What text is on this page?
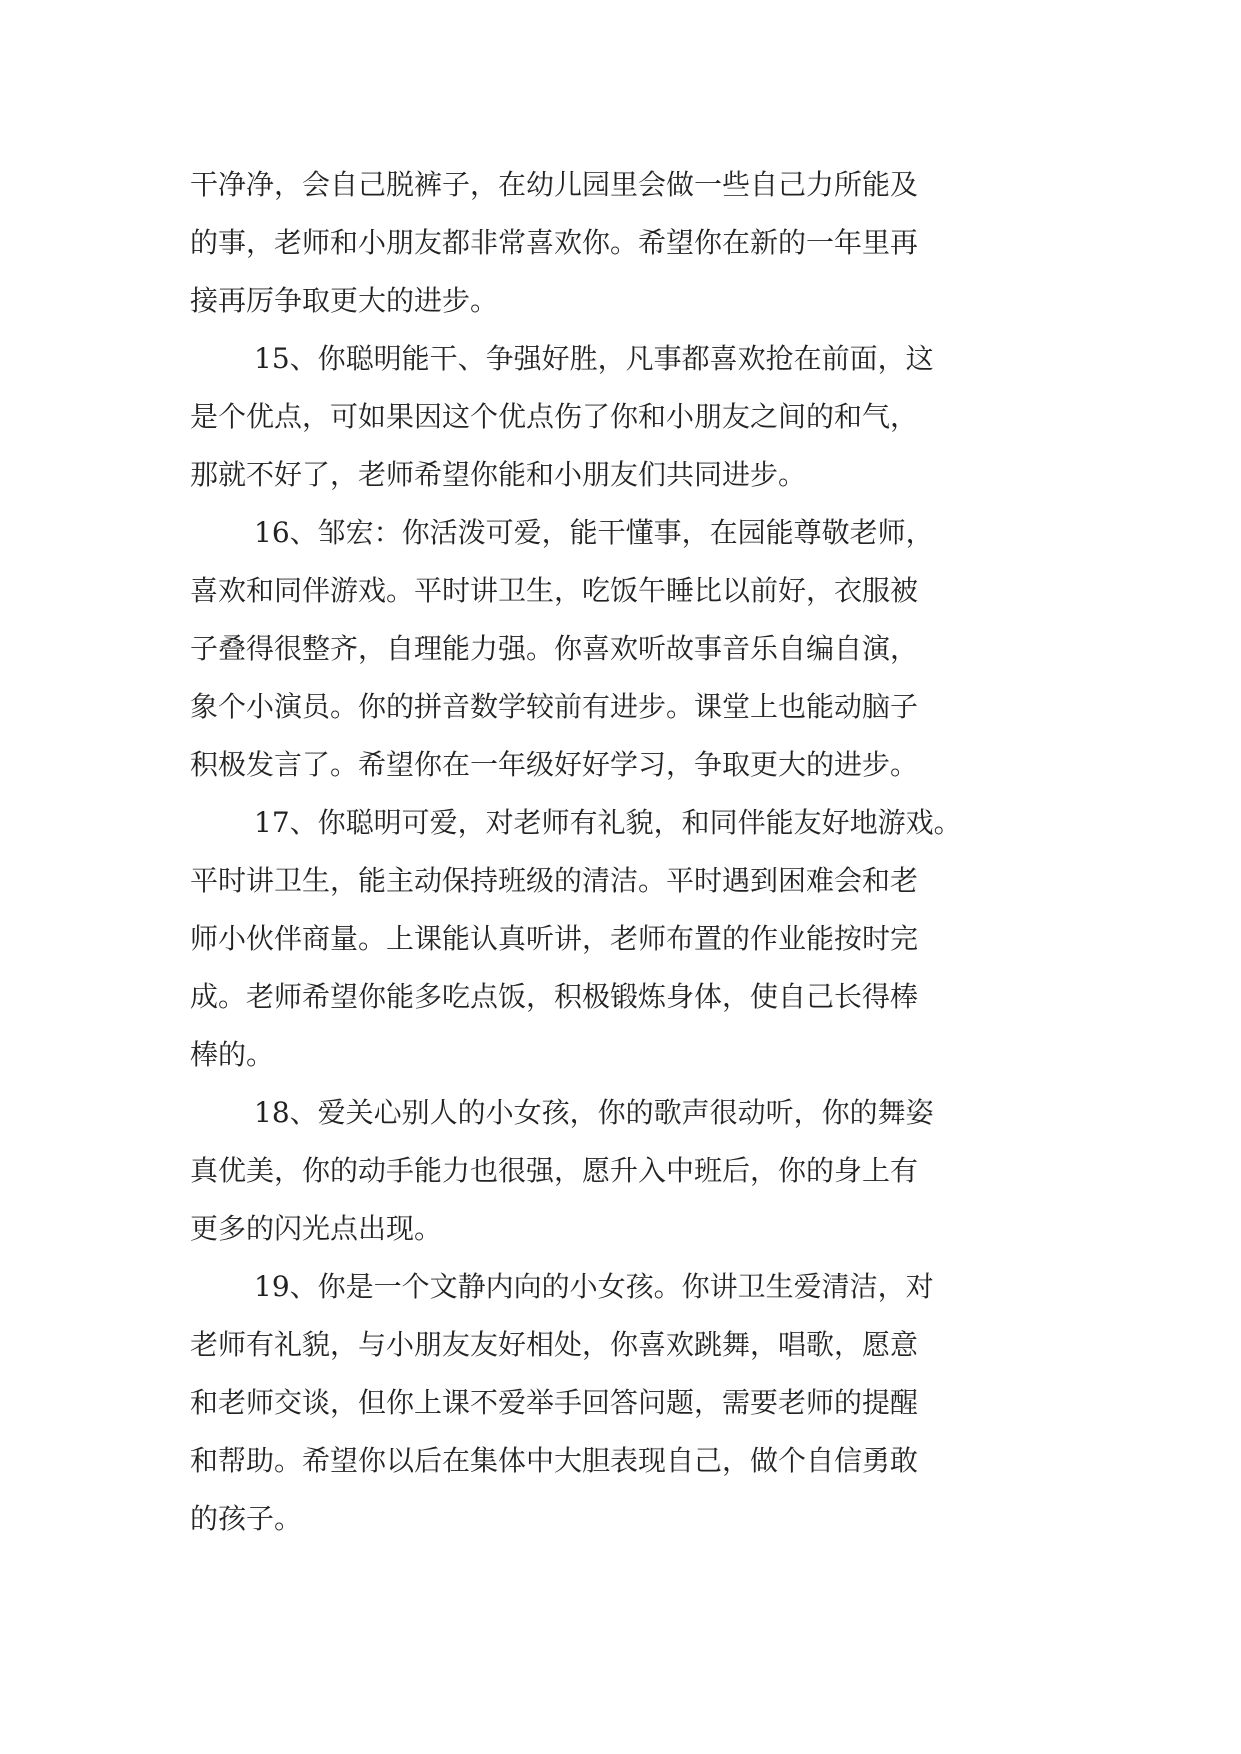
干净净，会自己脱裤子，在幼儿园里会做一些自己力所能及
的事，老师和小朋友都非常喜欢你。希望你在新的一年里再
接再厉争取更大的进步。
15、你聪明能干、争强好胜，凡事都喜欢抢在前面，这
是个优点，可如果因这个优点伤了你和小朋友之间的和气，
那就不好了，老师希望你能和小朋友们共同进步。
16、邹宏：你活泼可爱，能干懂事，在园能尊敬老师，
喜欢和同伴游戏。平时讲卫生，吃饭午睡比以前好，衣服被
子叠得很整齐，自理能力强。你喜欢听故事音乐自编自演，
象个小演员。你的拼音数学较前有进步。课堂上也能动脑子
积极发言了。希望你在一年级好好学习，争取更大的进步。
17、你聪明可爱，对老师有礼貌，和同伴能友好地游戏。
平时讲卫生，能主动保持班级的清洁。平时遇到困难会和老
师小伙伴商量。上课能认真听讲，老师布置的作业能按时完
成。老师希望你能多吃点饭，积极锻炼身体，使自己长得棒
棒的。
18、爱关心别人的小女孩，你的歌声很动听，你的舞姿
真优美，你的动手能力也很强，愿升入中班后，你的身上有
更多的闪光点出现。
19、你是一个文静内向的小女孩。你讲卫生爱清洁，对
老师有礼貌，与小朋友友好相处，你喜欢跳舞，唱歌，愿意
和老师交谈，但你上课不爱举手回答问题，需要老师的提醒
和帮助。希望你以后在集体中大胆表现自己，做个自信勇敢
的孩子。
